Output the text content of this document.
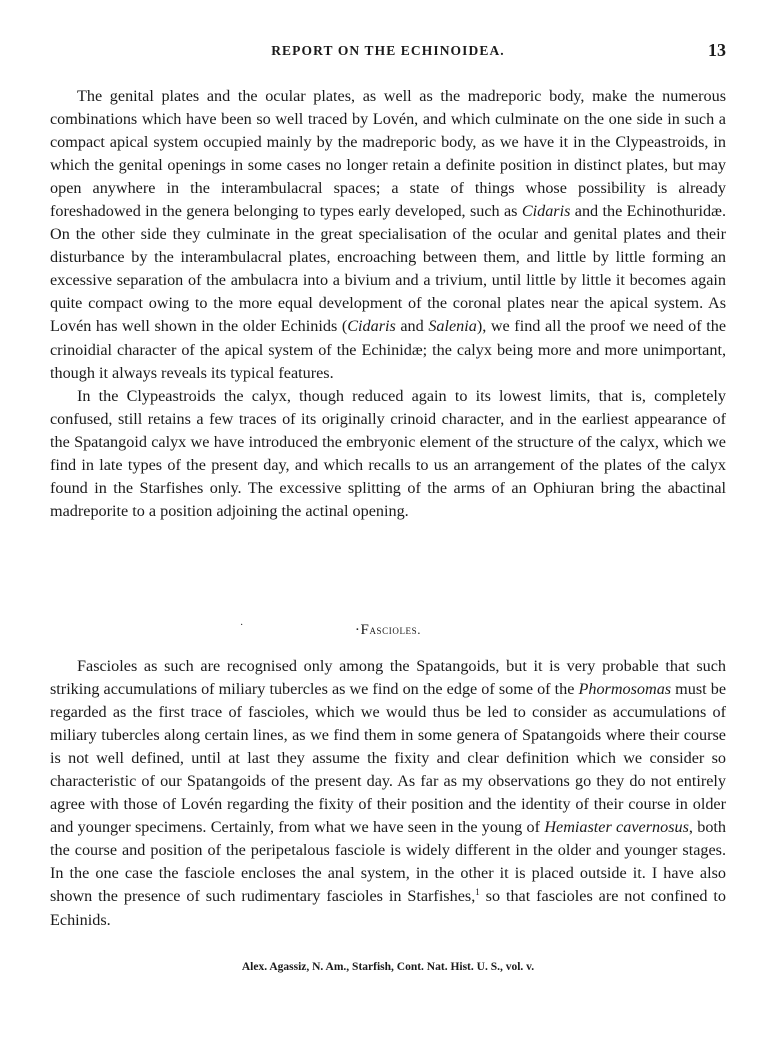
REPORT ON THE ECHINOIDEA.	13

The genital plates and the ocular plates, as well as the madreporic body, make the numerous combinations which have been so well traced by Lovén, and which culminate on the one side in such a compact apical system occupied mainly by the madreporic body, as we have it in the Clypeastroids, in which the genital openings in some cases no longer retain a definite position in distinct plates, but may open anywhere in the interambulacral spaces; a state of things whose possibility is already foreshadowed in the genera belonging to types early developed, such as Cidaris and the Echinothuridæ. On the other side they culminate in the great specialisation of the ocular and genital plates and their disturbance by the interambulacral plates, encroaching between them, and little by little forming an excessive separation of the ambulacra into a bivium and a trivium, until little by little it becomes again quite compact owing to the more equal development of the coronal plates near the apical system. As Lovén has well shown in the older Echinids (Cidaris and Salenia), we find all the proof we need of the crinoidial character of the apical system of the Echinidæ; the calyx being more and more unimportant, though it always reveals its typical features.

In the Clypeastroids the calyx, though reduced again to its lowest limits, that is, completely confused, still retains a few traces of its originally crinoid character, and in the earliest appearance of the Spatangoid calyx we have introduced the embryonic element of the structure of the calyx, which we find in late types of the present day, and which recalls to us an arrangement of the plates of the calyx found in the Starfishes only. The excessive splitting of the arms of an Ophiuran bring the abactinal madreporite to a position adjoining the actinal opening.

·	·Fascioles.

Fascioles as such are recognised only among the Spatangoids, but it is very probable that such striking accumulations of miliary tubercles as we find on the edge of some of the Phormosomas must be regarded as the first trace of fascioles, which we would thus be led to consider as accumulations of miliary tubercles along certain lines, as we find them in some genera of Spatangoids where their course is not well defined, until at last they assume the fixity and clear definition which we consider so characteristic of our Spatangoids of the present day. As far as my observations go they do not entirely agree with those of Lovén regarding the fixity of their position and the identity of their course in older and younger specimens. Certainly, from what we have seen in the young of Hemiaster cavernosus, both the course and position of the peripetalous fasciole is widely different in the older and younger stages. In the one case the fasciole encloses the anal system, in the other it is placed outside it. I have also shown the presence of such rudimentary fascioles in Starfishes,$^1$ so that fascioles are not confined to Echinids.

Alex. Agassiz, N. Am., Starfish, Cont. Nat. Hist. U. S., vol. v.
